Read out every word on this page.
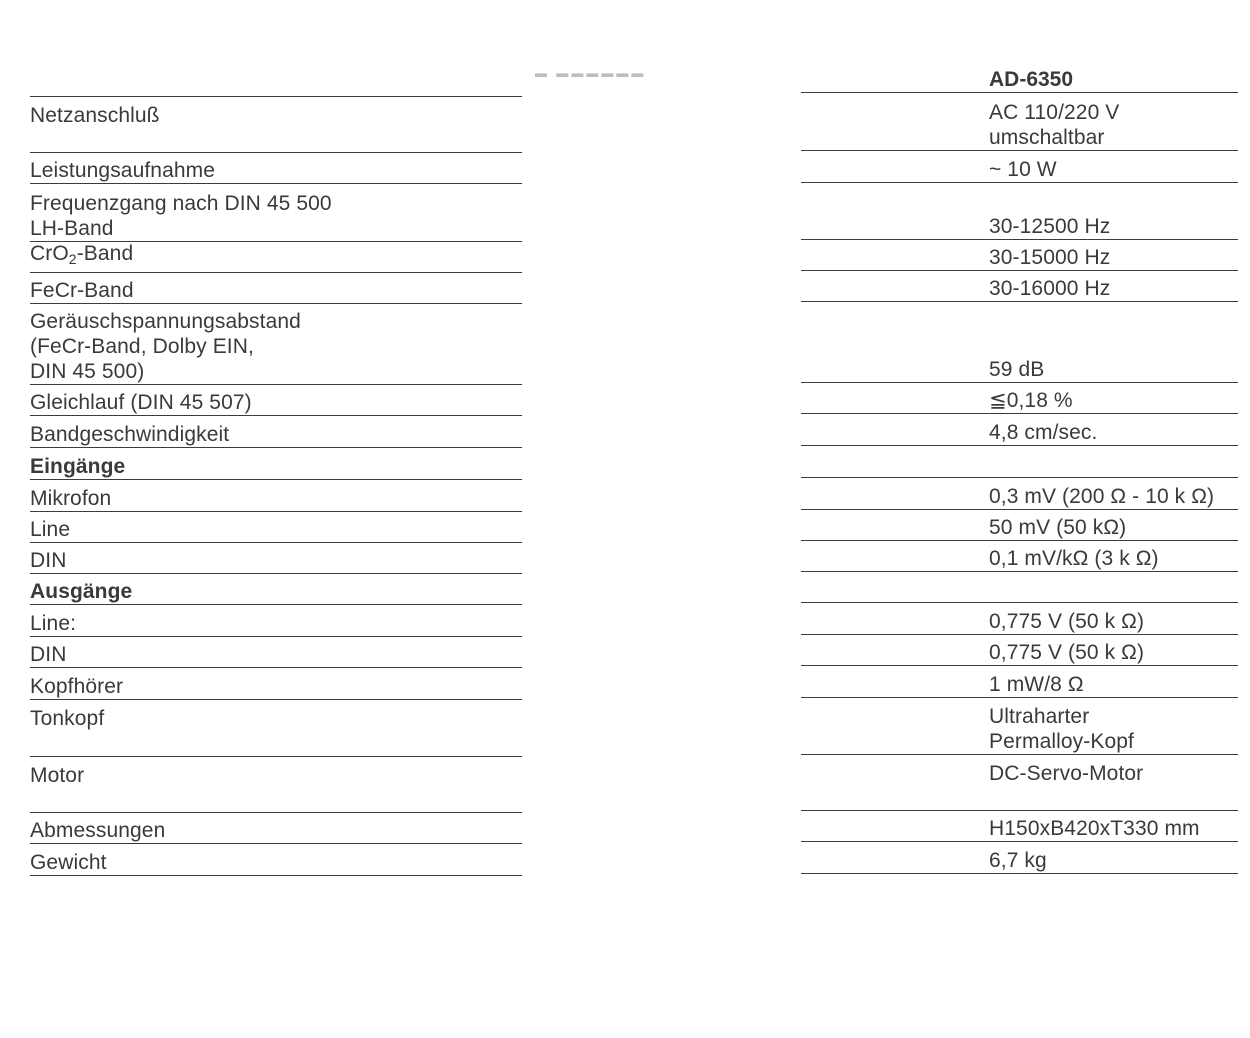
▬ ▬▬▬▬▬▬
Netzanschluß
Leistungsaufnahme
Frequenzgang nach DIN 45 500
LH-Band
CrO$_2$-Band
FeCr-Band
Geräuschspannungsabstand
(FeCr-Band, Dolby EIN,
DIN 45 500)
Gleichlauf (DIN 45 507)
Bandgeschwindigkeit
Eingänge
Mikrofon
Line
DIN
Ausgänge
Line:
DIN
Kopfhörer
Tonkopf
Motor
Abmessungen
Gewicht
AD-6350
AC 110/220 V
umschaltbar
~ 10 W
30-12500 Hz
30-15000 Hz
30-16000 Hz
59 dB
≦0,18 %
4,8 cm/sec.
0,3 mV (200 Ω - 10 k Ω)
50 mV (50 kΩ)
0,1 mV/kΩ (3 k Ω)
0,775 V (50 k Ω)
0,775 V (50 k Ω)
1 mW/8 Ω
Ultraharter
Permalloy-Kopf
DC-Servo-Motor
H150xB420xT330 mm
6,7 kg
